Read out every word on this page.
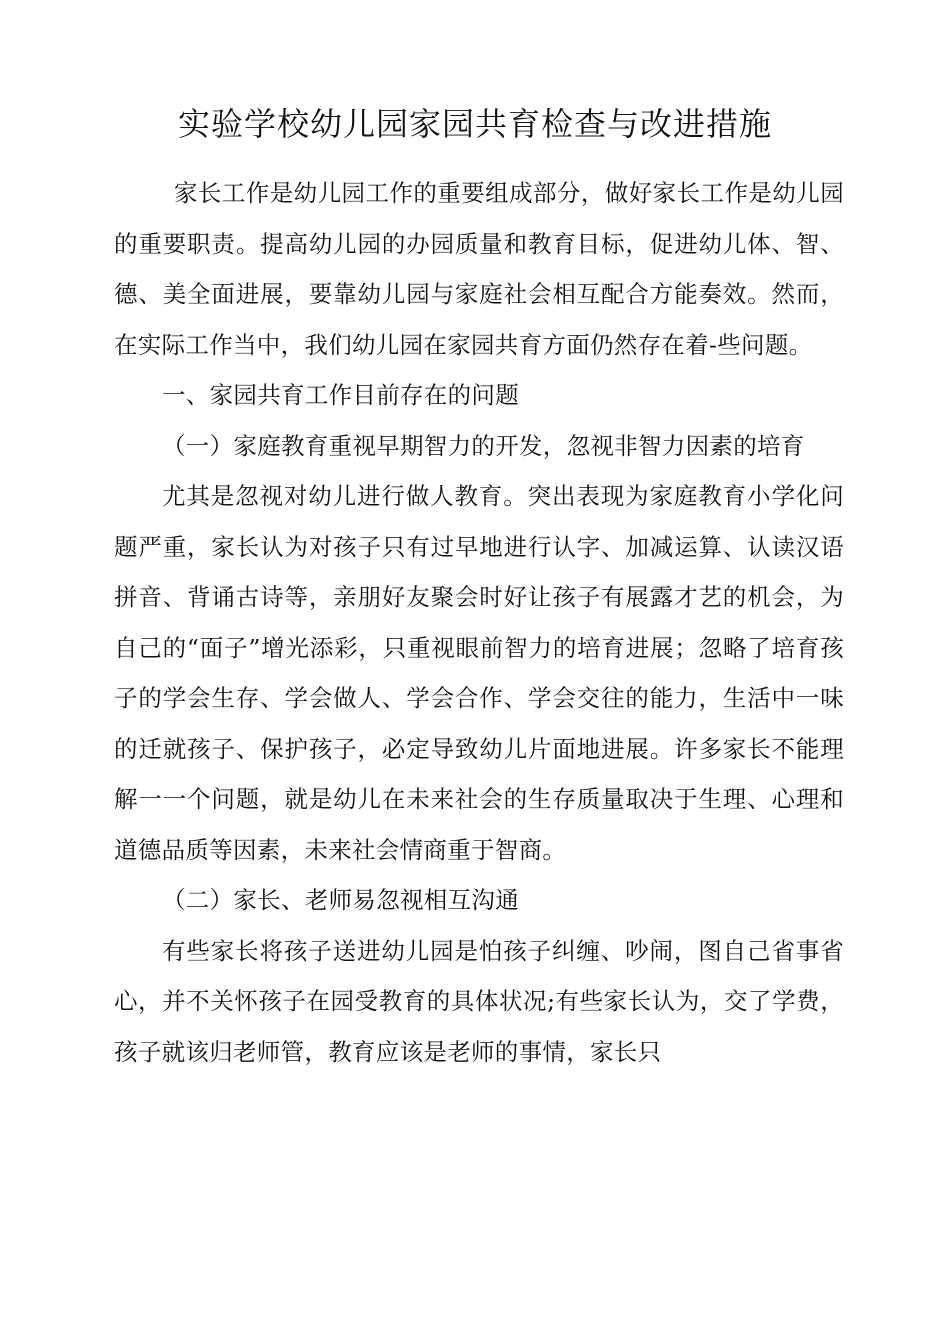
实验学校幼儿园家园共育检查与改进措施

家长工作是幼儿园工作的重要组成部分，做好家长工作是幼儿园的重要职责。提高幼儿园的办园质量和教育目标，促进幼儿体、智、德、美全面进展，要靠幼儿园与家庭社会相互配合方能奏效。然而，在实际工作当中，我们幼儿园在家园共育方面仍然存在着-些问题。

一、家园共育工作目前存在的问题

（一）家庭教育重视早期智力的开发，忽视非智力因素的培育

尤其是忽视对幼儿进行做人教育。突出表现为家庭教育小学化问题严重，家长认为对孩子只有过早地进行认字、加减运算、认读汉语拼音、背诵古诗等，亲朋好友聚会时好让孩子有展露才艺的机会，为自己的“面子”增光添彩，只重视眼前智力的培育进展；忽略了培育孩子的学会生存、学会做人、学会合作、学会交往的能力，生活中一味的迁就孩子、保护孩子，必定导致幼儿片面地进展。许多家长不能理解一一个问题，就是幼儿在未来社会的生存质量取决于生理、心理和道德品质等因素，未来社会情商重于智商。

（二）家长、老师易忽视相互沟通

有些家长将孩子送进幼儿园是怕孩子纠缠、吵闹，图自己省事省心，并不关怀孩子在园受教育的具体状况;有些家长认为，交了学费，孩子就该归老师管，教育应该是老师的事情，家长只
